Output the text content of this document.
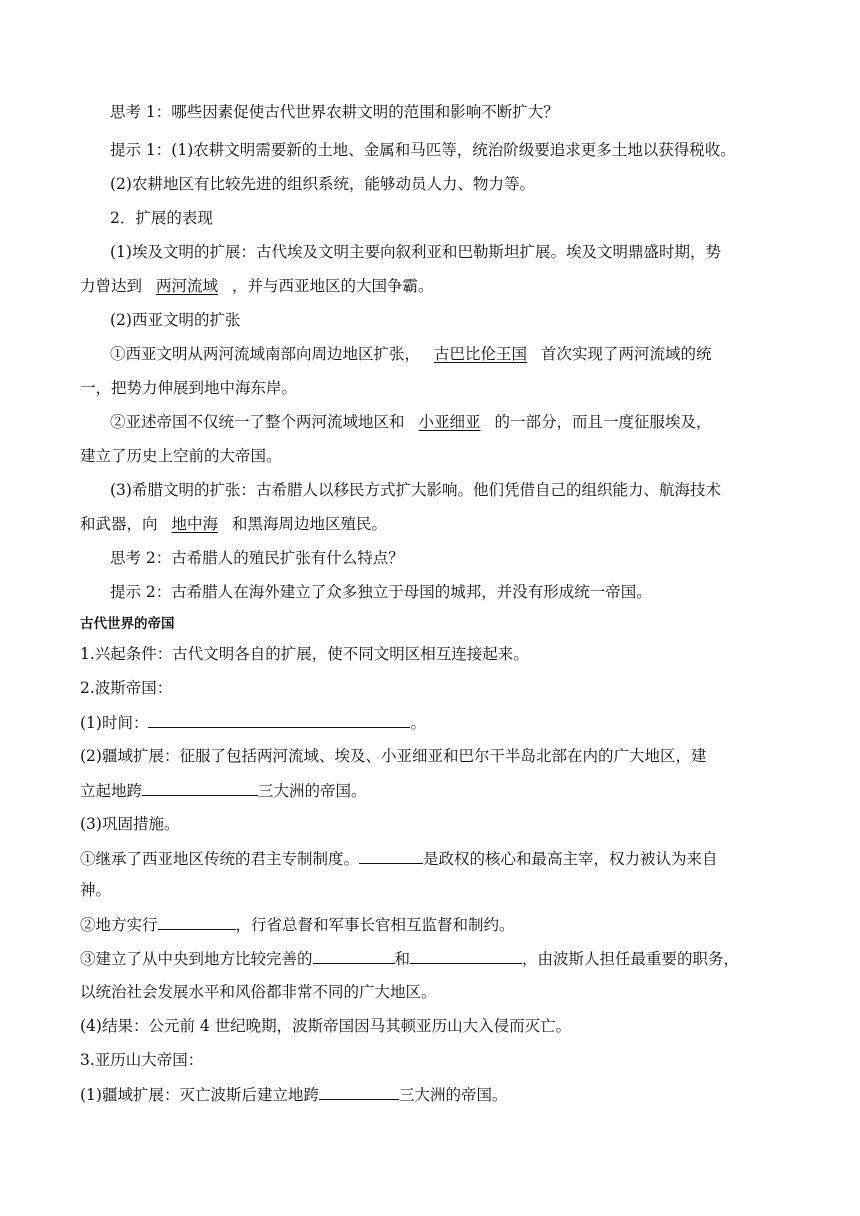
思考 1：哪些因素促使古代世界农耕文明的范围和影响不断扩大？
提示 1：(1)农耕文明需要新的土地、金属和马匹等，统治阶级要追求更多土地以获得税收。
(2)农耕地区有比较先进的组织系统，能够动员人力、物力等。
2．扩展的表现
(1)埃及文明的扩展：古代埃及文明主要向叙利亚和巴勒斯坦扩展。埃及文明鼎盛时期，势
力曾达到 两河流域 ，并与西亚地区的大国争霸。
(2)西亚文明的扩张
①西亚文明从两河流域南部向周边地区扩张， 古巴比伦王国 首次实现了两河流域的统
一，把势力伸展到地中海东岸。
②亚述帝国不仅统一了整个两河流域地区和 小亚细亚 的一部分，而且一度征服埃及，
建立了历史上空前的大帝国。
(3)希腊文明的扩张：古希腊人以移民方式扩大影响。他们凭借自己的组织能力、航海技术
和武器，向 地中海 和黑海周边地区殖民。
思考 2：古希腊人的殖民扩张有什么特点？
提示 2：古希腊人在海外建立了众多独立于母国的城邦，并没有形成统一帝国。
古代世界的帝国
1.兴起条件：古代文明各自的扩展，使不同文明区相互连接起来。
2.波斯帝国：
(1)时间：	。
(2)疆域扩展：征服了包括两河流域、埃及、小亚细亚和巴尔干半岛北部在内的广大地区，建
立起地跨	三大洲的帝国。
(3)巩固措施。
①继承了西亚地区传统的君主专制制度。	是政权的核心和最高主宰，权力被认为来自
神。
②地方实行	，行省总督和军事长官相互监督和制约。
③建立了从中央到地方比较完善的	和	，由波斯人担任最重要的职务，
以统治社会发展水平和风俗都非常不同的广大地区。
(4)结果：公元前 4 世纪晚期，波斯帝国因马其顿亚历山大入侵而灭亡。
3.亚历山大帝国：
(1)疆域扩展：灭亡波斯后建立地跨	三大洲的帝国。
